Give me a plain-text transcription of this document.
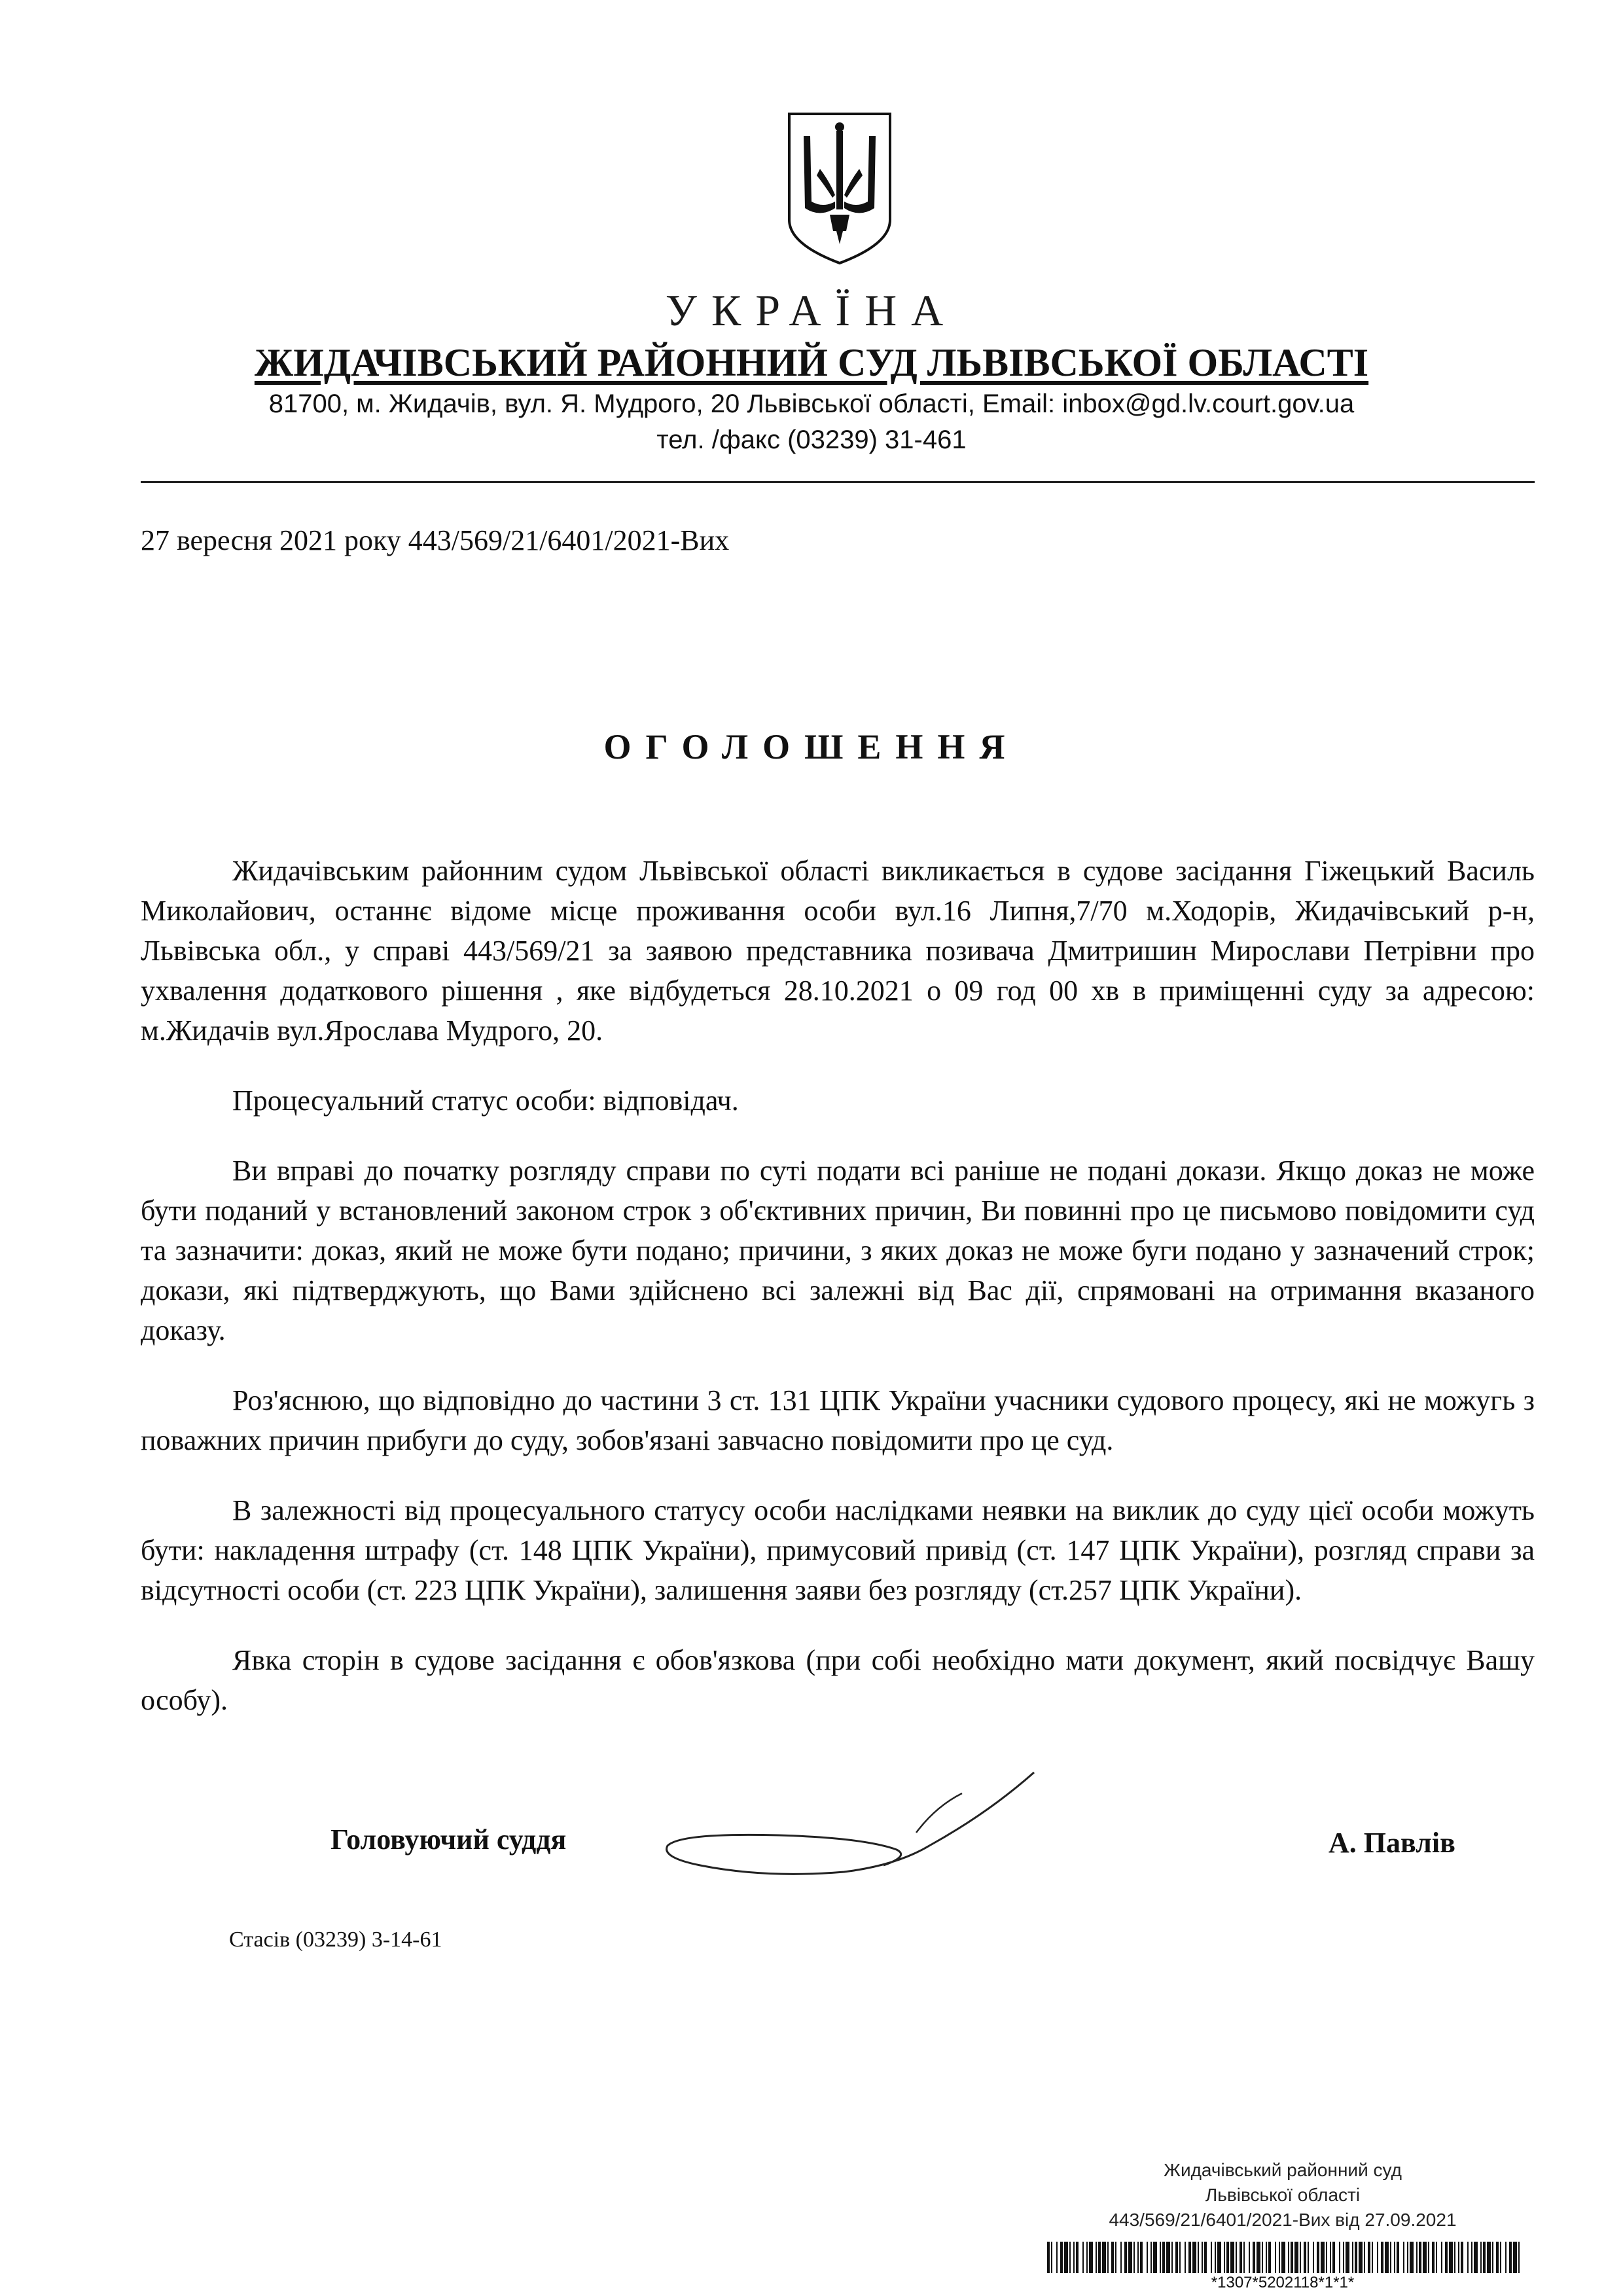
УКРАЇНА
ЖИДАЧІВСЬКИЙ РАЙОННИЙ СУД ЛЬВІВСЬКОЇ ОБЛАСТІ
81700, м. Жидачів, вул. Я. Мудрого, 20 Львівської області, Email: inbox@gd.lv.court.gov.ua
тел. /факс (03239) 31-461
27 вересня 2021 року 443/569/21/6401/2021-Вих
ОГОЛОШЕННЯ

Жидачівським районним судом Львівської області викликається в судове засідання Гіжецький Василь Миколайович, останнє відоме місце проживання особи вул.16 Липня,7/70 м.Ходорів, Жидачівський р-н, Львівська обл., у справі 443/569/21 за заявою представника позивача Дмитришин Мирослави Петрівни про ухвалення додаткового рішення , яке відбудеться 28.10.2021 о 09 год 00 хв в приміщенні суду за адресою: м.Жидачів вул.Ярослава Мудрого, 20.

Процесуальний статус особи: відповідач.

Ви вправі до початку розгляду справи по суті подати всі раніше не подані докази. Якщо доказ не може бути поданий у встановлений законом строк з об'єктивних причин, Ви повинні про це письмово повідомити суд та зазначити: доказ, який не може бути подано; причини, з яких доказ не може буги подано у зазначений строк; докази, які підтверджують, що Вами здійснено всі залежні від Вас дії, спрямовані на отримання вказаного доказу.

Роз'яснюю, що відповідно до частини 3 ст. 131 ЦПК України учасники судового процесу, які не можугь з поважних причин прибуги до суду, зобов'язані завчасно повідомити про це суд.

В залежності від процесуального статусу особи наслідками неявки на виклик до суду цієї особи можуть бути: накладення штрафу (ст. 148 ЦПК України), примусовий привід (ст. 147 ЦПК України), розгляд справи за відсутності особи (ст. 223 ЦПК України), залишення заяви без розгляду (ст.257 ЦПК України).

Явка сторін в судове засідання є обов'язкова (при собі необхідно мати документ, який посвідчує Вашу особу).

Головуючий суддя	А. Павлів
Стасів (03239) 3-14-61
Жидачівський районний суд
Львівської області
443/569/21/6401/2021-Вих від 27.09.2021
*1307*5202118*1*1*
